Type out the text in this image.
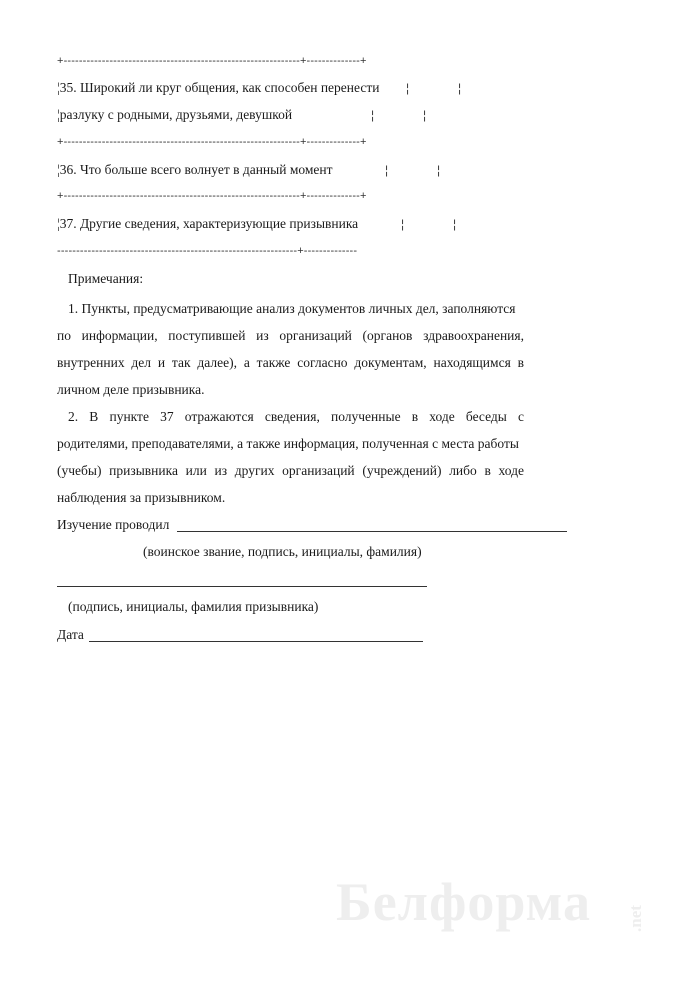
+--------------------------------------------------------------+--------------+
¦35. Широкий ли круг общения, как способен перенести ¦	¦
¦разлуку с родными, друзьями, девушкой	¦	¦
+--------------------------------------------------------------+--------------+
¦36. Что больше всего волнует в данный момент	¦	¦
+--------------------------------------------------------------+--------------+
¦37. Другие сведения, характеризующие призывника	¦	¦
---------------------------------------------------------------+--------------
Примечания:
1. Пункты, предусматривающие анализ документов личных дел, заполняются
по информации, поступившей из организаций (органов здравоохранения,
внутренних дел и так далее), а также согласно документам, находящимся в
личном деле призывника.
2. В пункте 37 отражаются сведения, полученные в ходе беседы с
родителями, преподавателями, а также информация, полученная с места работы
(учебы) призывника или из других организаций (учреждений) либо в ходе
наблюдения за призывником.
Изучение проводил
(воинское звание, подпись, инициалы, фамилия)
(подпись, инициалы, фамилия призывника)
Дата
Белформа .net
